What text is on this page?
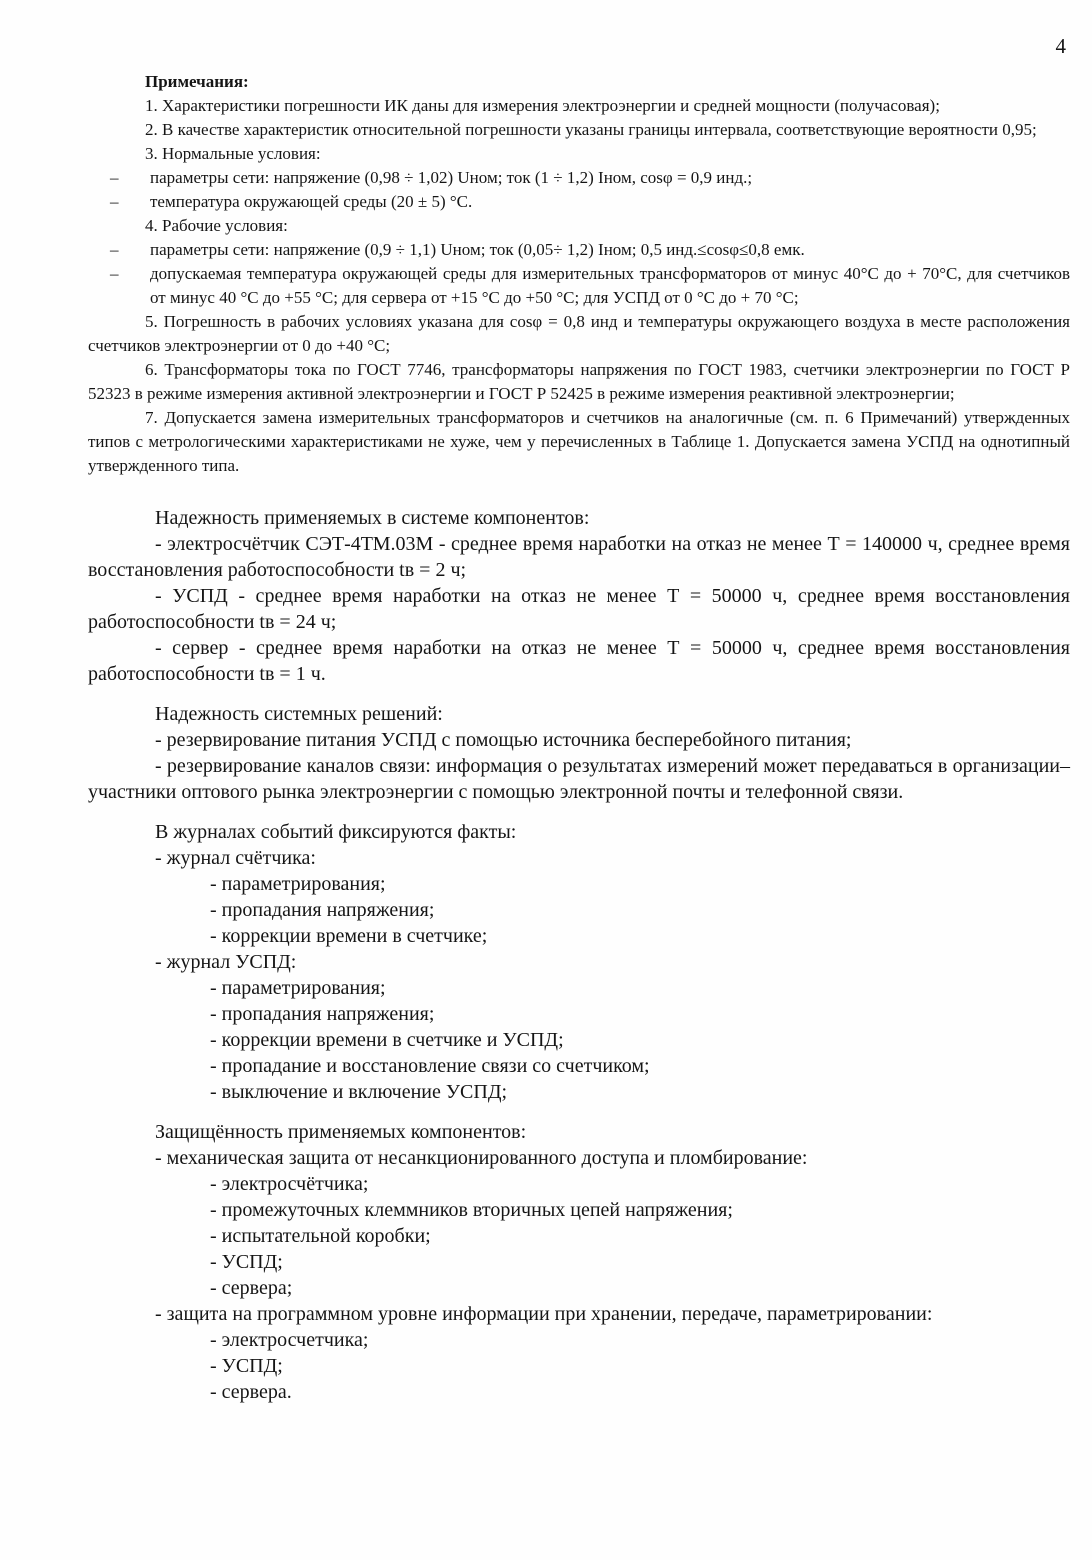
4

Примечания:

1. Характеристики погрешности ИК даны для измерения электроэнергии и средней мощности (получасовая);

2. В качестве характеристик относительной погрешности указаны границы интервала, соответствующие вероятности 0,95;

3. Нормальные условия:

– параметры сети: напряжение (0,98 ÷ 1,02) Uном; ток (1 ÷ 1,2) Iном, cosφ = 0,9 инд.;

– температура окружающей среды (20 ± 5) °С.

4. Рабочие условия:

– параметры сети: напряжение (0,9 ÷ 1,1) Uном; ток (0,05÷ 1,2) Iном; 0,5 инд.≤cosφ≤0,8 емк.

– допускаемая температура окружающей среды для измерительных трансформаторов от минус 40°С до + 70°С, для счетчиков от минус 40 °С до +55 °С; для сервера от +15 °С до +50 °С; для УСПД от 0 °С до + 70 °С;

5. Погрешность в рабочих условиях указана для cosφ = 0,8 инд и температуры окружающего воздуха в месте расположения счетчиков электроэнергии от 0 до +40 °С;

6. Трансформаторы тока по ГОСТ 7746, трансформаторы напряжения по ГОСТ 1983, счетчики электроэнергии по ГОСТ Р 52323 в режиме измерения активной электроэнергии и ГОСТ Р 52425 в режиме измерения реактивной электроэнергии;

7. Допускается замена измерительных трансформаторов и счетчиков на аналогичные (см. п. 6 Примечаний) утвержденных типов с метрологическими характеристиками не хуже, чем у перечисленных в Таблице 1. Допускается замена УСПД на однотипный утвержденного типа.

Надежность применяемых в системе компонентов:

- электросчётчик СЭТ-4ТМ.03М - среднее время наработки на отказ не менее Т = 140000 ч, среднее время восстановления работоспособности tв = 2 ч;

- УСПД - среднее время наработки на отказ не менее Т = 50000 ч, среднее время восстановления работоспособности tв = 24 ч;

- сервер - среднее время наработки на отказ не менее Т = 50000 ч, среднее время восстановления работоспособности tв = 1 ч.

Надежность системных решений:

- резервирование питания УСПД с помощью источника бесперебойного питания;

- резервирование каналов связи: информация о результатах измерений может передаваться в организации–участники оптового рынка электроэнергии с помощью электронной почты и телефонной связи.

В журналах событий фиксируются факты:

- журнал счётчика:

- параметрирования;

- пропадания напряжения;

- коррекции времени в счетчике;

- журнал УСПД:

- параметрирования;

- пропадания напряжения;

- коррекции времени в счетчике и УСПД;

- пропадание и восстановление связи со счетчиком;

- выключение и включение УСПД;

Защищённость применяемых компонентов:

- механическая защита от несанкционированного доступа и пломбирование:

- электросчётчика;

- промежуточных клеммников вторичных цепей напряжения;

- испытательной коробки;

- УСПД;

- сервера;

- защита на программном уровне информации при хранении, передаче, параметрировании:

- электросчетчика;

- УСПД;

- сервера.
